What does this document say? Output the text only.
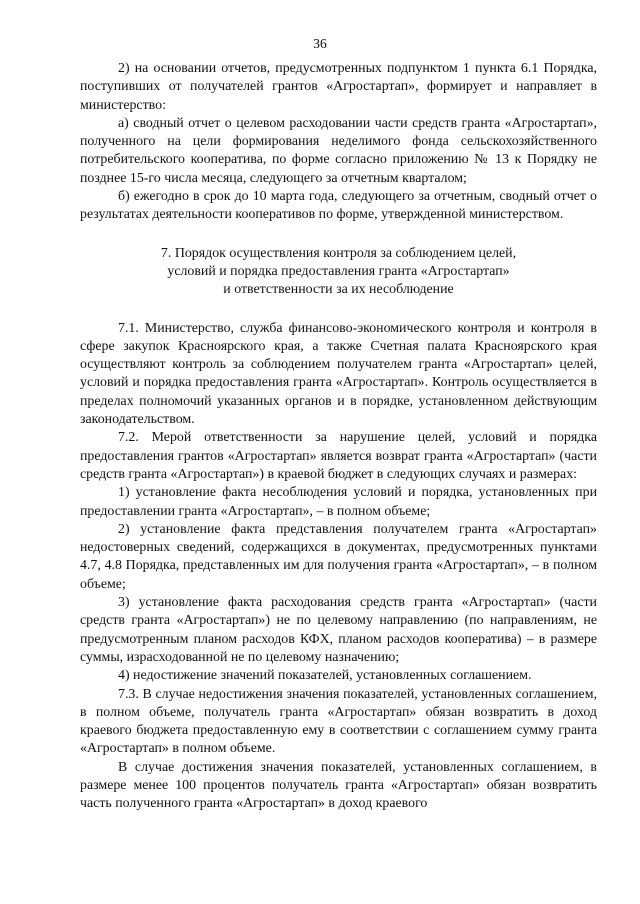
36

2) на основании отчетов, предусмотренных подпунктом 1 пункта 6.1 Порядка, поступивших от получателей грантов «Агростартап», формирует и направляет в министерство:

а) сводный отчет о целевом расходовании части средств гранта «Агростартап», полученного на цели формирования неделимого фонда сельскохозяйственного потребительского кооператива, по форме согласно приложению № 13 к Порядку не позднее 15-го числа месяца, следующего за отчетным кварталом;

б) ежегодно в срок до 10 марта года, следующего за отчетным, сводный отчет о результатах деятельности кооперативов по форме, утвержденной министерством.

7. Порядок осуществления контроля за соблюдением целей,
условий и порядка предоставления гранта «Агростартап»
и ответственности за их несоблюдение

7.1. Министерство, служба финансово-экономического контроля и контроля в сфере закупок Красноярского края, а также Счетная палата Красноярского края осуществляют контроль за соблюдением получателем гранта «Агростартап» целей, условий и порядка предоставления гранта «Агростартап». Контроль осуществляется в пределах полномочий указанных органов и в порядке, установленном действующим законодательством.

7.2. Мерой ответственности за нарушение целей, условий и порядка предоставления грантов «Агростартап» является возврат гранта «Агростартап» (части средств гранта «Агростартап») в краевой бюджет в следующих случаях и размерах:

1) установление факта несоблюдения условий и порядка, установленных при предоставлении гранта «Агростартап», – в полном объеме;

2) установление факта представления получателем гранта «Агростартап» недостоверных сведений, содержащихся в документах, предусмотренных пунктами 4.7, 4.8 Порядка, представленных им для получения гранта «Агростартап», – в полном объеме;

3) установление факта расходования средств гранта «Агростартап» (части средств гранта «Агростартап») не по целевому направлению (по направлениям, не предусмотренным планом расходов КФХ, планом расходов кооператива) – в размере суммы, израсходованной не по целевому назначению;

4) недостижение значений показателей, установленных соглашением.

7.3. В случае недостижения значения показателей, установленных соглашением, в полном объеме, получатель гранта «Агростартап» обязан возвратить в доход краевого бюджета предоставленную ему в соответствии с соглашением сумму гранта «Агростартап» в полном объеме.

В случае достижения значения показателей, установленных соглашением, в размере менее 100 процентов получатель гранта «Агростартап» обязан возвратить часть полученного гранта «Агростартап» в доход краевого
